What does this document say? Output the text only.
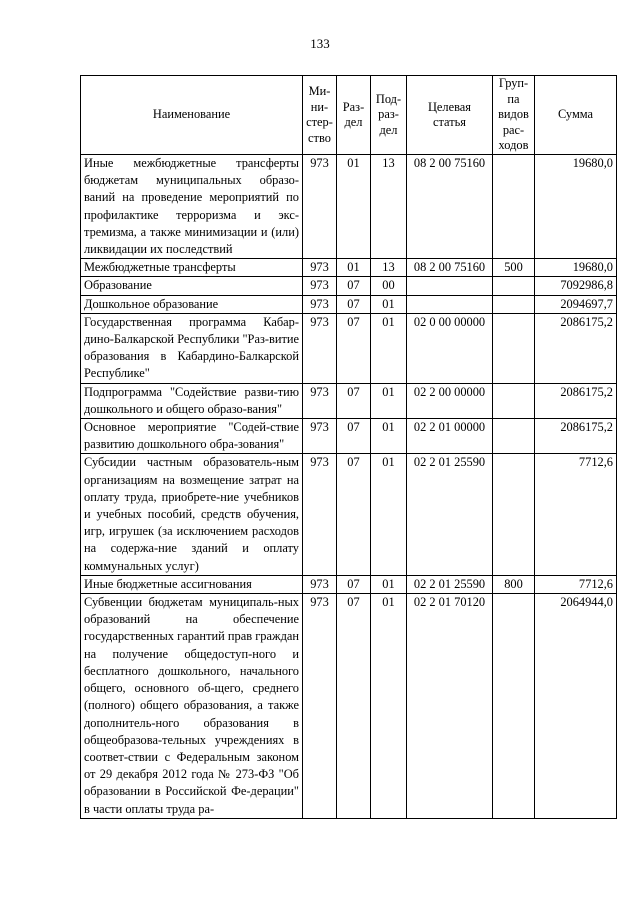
133
Наименование	Ми-
ни-
стер-
ство	Раз-
дел	Под-
раз-
дел	Целевая
статья	Груп-
па
видов
рас-
ходов	Сумма
Иные межбюджетные трансферты бюджетам муниципальных образо-ваний на проведение мероприятий по профилактике терроризма и экс-тремизма, а также минимизации и (или) ликвидации их последствий	973	01	13	08 2 00 75160		19680,0
Межбюджетные трансферты	973	01	13	08 2 00 75160	500	19680,0
Образование	973	07	00			7092986,8
Дошкольное образование	973	07	01			2094697,7
Государственная программа Кабар-дино-Балкарской Республики "Раз-витие образования в Кабардино-Балкарской Республике"	973	07	01	02 0 00 00000		2086175,2
Подпрограмма "Содействие разви-тию дошкольного и общего образо-вания"	973	07	01	02 2 00 00000		2086175,2
Основное мероприятие "Содей-ствие развитию дошкольного обра-зования"	973	07	01	02 2 01 00000		2086175,2
Субсидии частным образователь-ным организациям на возмещение затрат на оплату труда, приобрете-ние учебников и учебных пособий, средств обучения, игр, игрушек (за исключением расходов на содержа-ние зданий и оплату коммунальных услуг)	973	07	01	02 2 01 25590		7712,6
Иные бюджетные ассигнования	973	07	01	02 2 01 25590	800	7712,6
Субвенции бюджетам муниципаль-ных образований на обеспечение государственных гарантий прав граждан на получение общедоступ-ного и бесплатного дошкольного, начального общего, основного об-щего, среднего (полного) общего образования, а также дополнитель-ного образования в общеобразова-тельных учреждениях в соответ-ствии с Федеральным законом от 29 декабря 2012 года № 273-ФЗ "Об образовании в Российской Фе-дерации" в части оплаты труда ра-	973	07	01	02 2 01 70120		2064944,0
